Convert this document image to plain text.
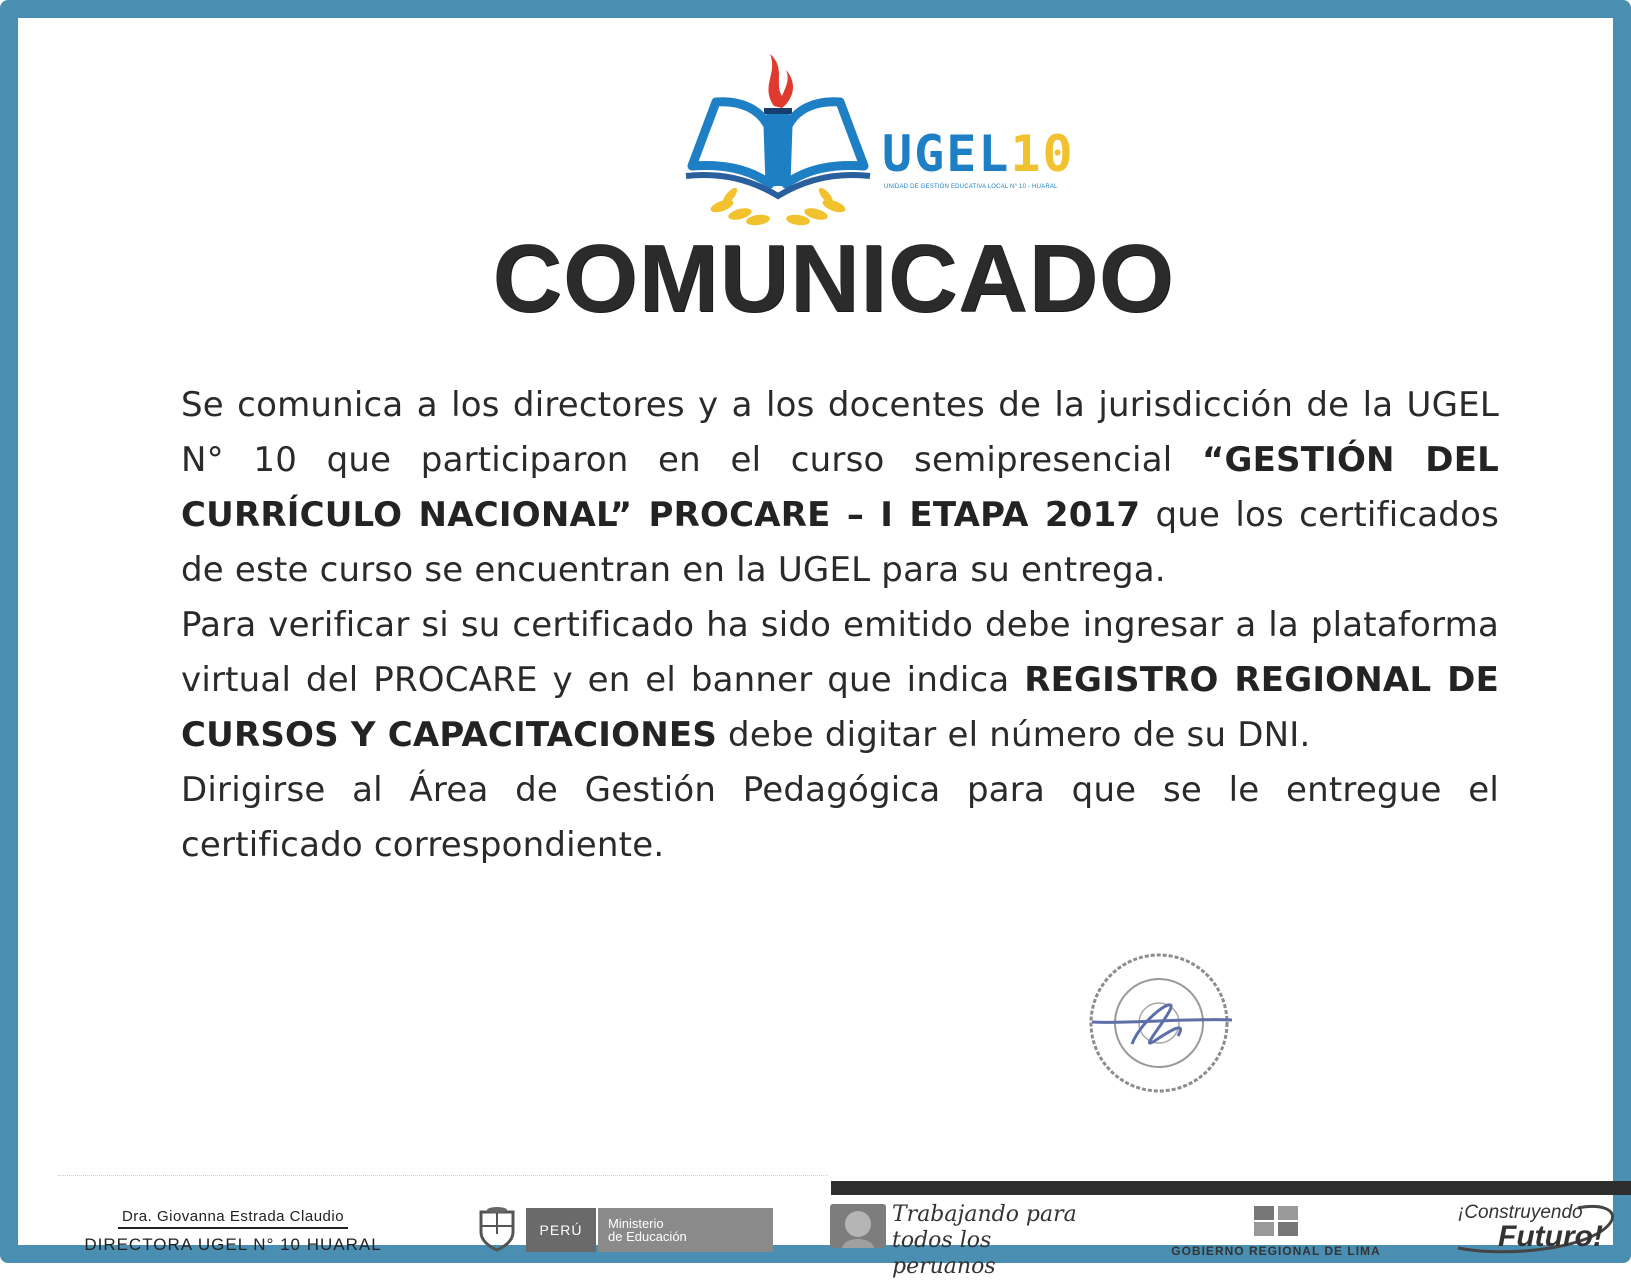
UGEL10
UNIDAD DE GESTIÓN EDUCATIVA LOCAL N° 10 - HUARAL
COMUNICADO

Se comunica a los directores y a los docentes de la jurisdicción de la UGEL N° 10 que participaron en el curso semipresencial “GESTIÓN DEL CURRÍCULO NACIONAL” PROCARE – I ETAPA 2017 que los certificados de este curso se encuentran en la UGEL para su entrega.

Para verificar si su certificado ha sido emitido debe ingresar a la plataforma virtual del PROCARE y en el banner que indica REGISTRO REGIONAL DE CURSOS Y CAPACITACIONES debe digitar el número de su DNI.

Dirigirse al Área de Gestión Pedagógica para que se le entregue el certificado correspondiente.

Dra. Giovanna Estrada Claudio
DIRECTORA UGEL N° 10 HUARAL
PERÚ	Ministerio
de Educación
Trabajando para
todos los peruanos
GOBIERNO REGIONAL DE LIMA
¡Construyendo
Futuro!
